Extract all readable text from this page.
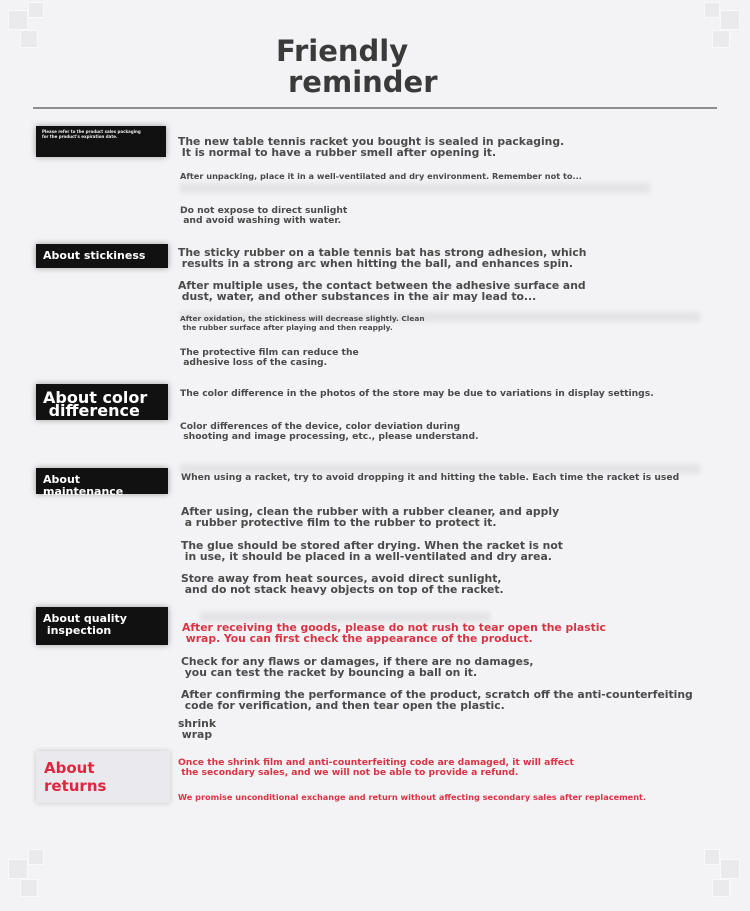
Friendly

reminder
Please refer to the product sales packaging
for the product's expiration date.	The new table tennis racket you bought is sealed in packaging.
It is normal to have a rubber smell after opening it.
After unpacking, place it in a well-ventilated and dry environment. Remember not to...
Do not expose to direct sunlight
and avoid washing with water.
About stickiness	The sticky rubber on a table tennis bat has strong adhesion, which
results in a strong arc when hitting the ball, and enhances spin.
After multiple uses, the contact between the adhesive surface and
dust, water, and other substances in the air may lead to...
After oxidation, the stickiness will decrease slightly. Clean
the rubber surface after playing and then reapply.
The protective film can reduce the
adhesive loss of the casing.
About color
difference
The color difference in the photos of the store may be due to variations in display settings.
Color differences of the device, color deviation during
shooting and image processing, etc., please understand.
About maintenance
When using a racket, try to avoid dropping it and hitting the table. Each time the racket is used
After using, clean the rubber with a rubber cleaner, and apply
a rubber protective film to the rubber to protect it.
The glue should be stored after drying. When the racket is not
in use, it should be placed in a well-ventilated and dry area.
Store away from heat sources, avoid direct sunlight,
and do not stack heavy objects on top of the racket.
About quality
inspection	After receiving the goods, please do not rush to tear open the plastic
wrap. You can first check the appearance of the product.
Check for any flaws or damages, if there are no damages,
you can test the racket by bouncing a ball on it.
After confirming the performance of the product, scratch off the anti-counterfeiting
code for verification, and then tear open the plastic.
shrink
wrap
About returns
Once the shrink film and anti-counterfeiting code are damaged, it will affect
the secondary sales, and we will not be able to provide a refund.
We promise unconditional exchange and return without affecting secondary sales after replacement.
